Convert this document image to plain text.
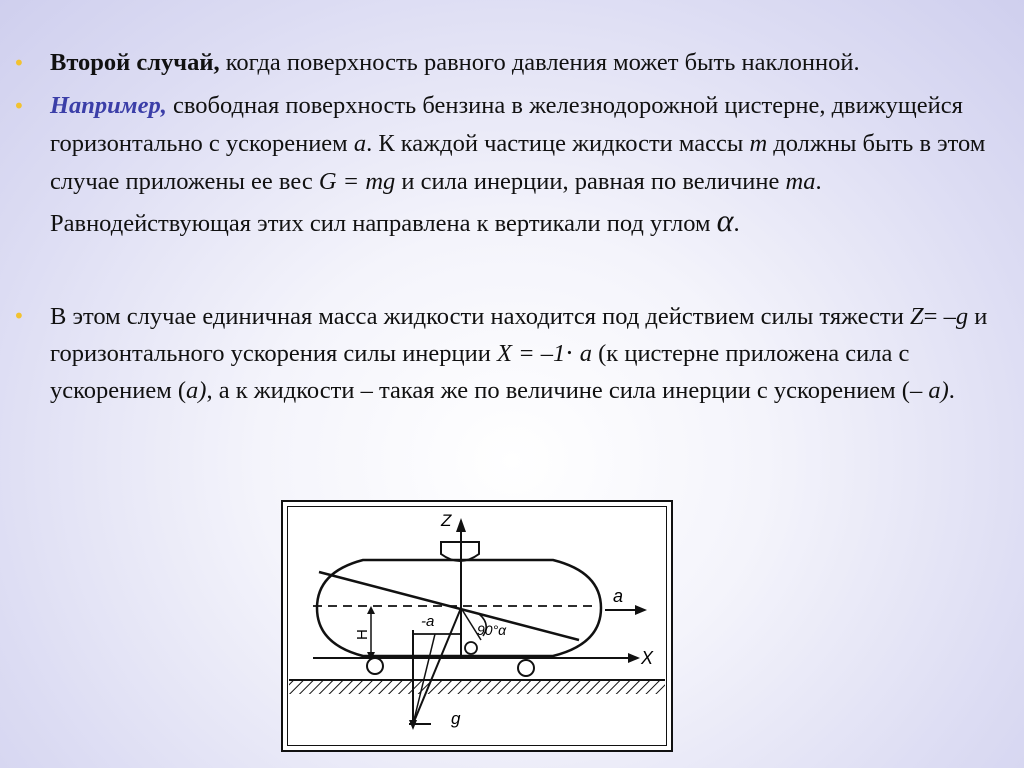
• Второй случай, когда поверхность равного давления может быть наклонной.
• Например, свободная поверхность бензина в железнодорожной цистерне, движущейся горизонтально с ускорением а. К каждой частице жидкости массы m должны быть в этом случае приложены ее вес G = mg и сила инерции, равная по величине ma. Равнодействующая этих сил направлена к вертикали под углом α.
• В этом случае единичная масса жидкости находится под действием силы тяжести Z= –g и горизонтального ускорения силы инерции X = –1⋅ а (к цистерне приложена сила с ускорением (а), а к жидкости – такая же по величине сила инерции с ускорением (– а).
X
Z
H
a
-a
g
90°α
